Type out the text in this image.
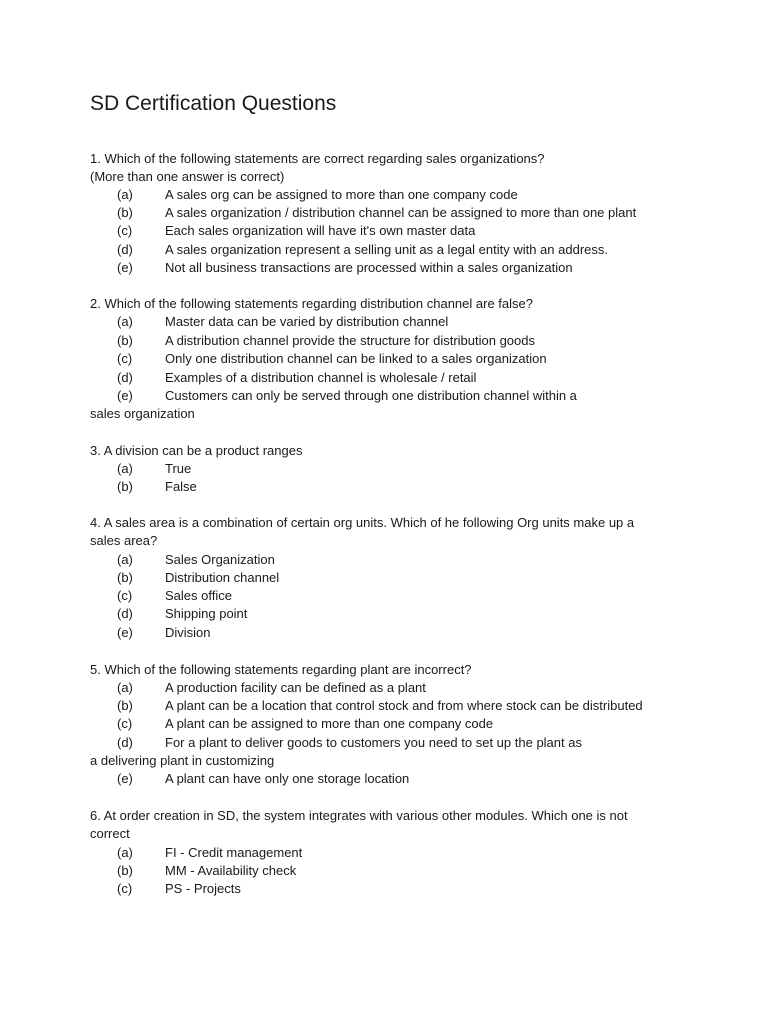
SD Certification Questions
1. Which of the following statements are correct regarding sales organizations?
(More than one answer is correct)
(a) A sales org can be assigned to more than one company code
(b) A sales organization / distribution channel can be assigned to more than one plant
(c)	Each sales organization will have it's own master data
(d) A sales organization represent a selling unit as a legal entity with an address.
(e) Not all business transactions are processed within a sales organization
2. Which of the following statements regarding distribution channel are false?
(a) Master data can be varied by distribution channel
(b) A distribution channel provide the structure for distribution goods
(c)	Only one distribution channel can be linked to a sales organization
(d) Examples of a distribution channel is wholesale / retail
(e) Customers can only be served through one distribution channel within a
sales organization
3. A division can be a product ranges
(a) True
(b) False
4. A sales area is a combination of certain org units. Which of he following Org units make up a
sales area?
(a) Sales Organization
(b) Distribution channel
(c)	Sales office
(d) Shipping point
(e) Division
5. Which of the following statements regarding plant are incorrect?
(a) A production facility can be defined as a plant
(b) A plant can be a location that control stock and from where stock can be distributed
(c)	A plant can be assigned to more than one company code
(d) For a plant to deliver goods to customers you need to set up the plant as
a delivering plant in customizing
(e) A plant can have only one storage location
6. At order creation in SD, the system integrates with various other modules. Which one is not
correct
(a) FI - Credit management
(b) MM - Availability check
(c)	PS - Projects
